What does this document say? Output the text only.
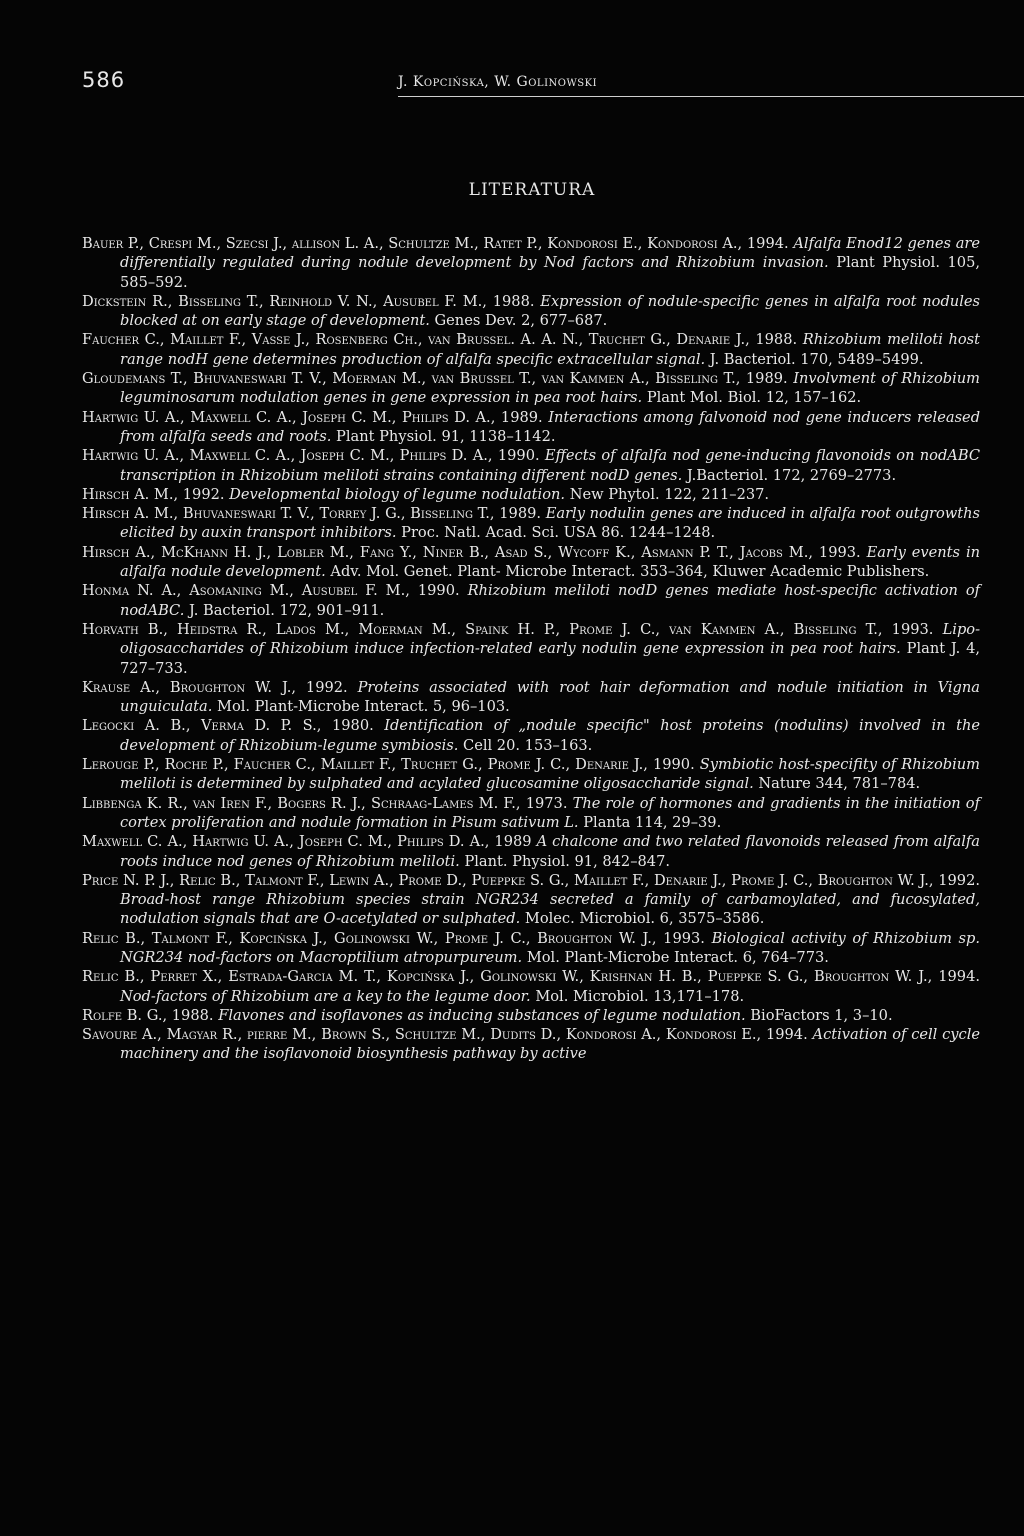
586	J. Kopcińska, W. Golinowski
LITERATURA

Bauer P., Crespi M., Szecsi J., allison L. A., Schultze M., Ratet P., Kondorosi E., Kondorosi A., 1994. Alfalfa Enod12 genes are differentially regulated during nodule development by Nod factors and Rhizobium invasion. Plant Physiol. 105, 585–592.

Dickstein R., Bisseling T., Reinhold V. N., Ausubel F. M., 1988. Expression of nodule-specific genes in alfalfa root nodules blocked at on early stage of development. Genes Dev. 2, 677–687.

Faucher C., Maillet F., Vasse J., Rosenberg Ch., van Brussel. A. A. N., Truchet G., Denarie J., 1988. Rhizobium meliloti host range nodH gene determines production of alfalfa specific extracellular signal. J. Bacteriol. 170, 5489–5499.

Gloudemans T., Bhuvaneswari T. V., Moerman M., van Brussel T., van Kammen A., Bisseling T., 1989. Involvment of Rhizobium leguminosarum nodulation genes in gene expression in pea root hairs. Plant Mol. Biol. 12, 157–162.

Hartwig U. A., Maxwell C. A., Joseph C. M., Philips D. A., 1989. Interactions among falvonoid nod gene inducers released from alfalfa seeds and roots. Plant Physiol. 91, 1138–1142.

Hartwig U. A., Maxwell C. A., Joseph C. M., Philips D. A., 1990. Effects of alfalfa nod gene-inducing flavonoids on nodABC transcription in Rhizobium meliloti strains containing different nodD genes. J.Bacteriol. 172, 2769–2773.

Hirsch A. M., 1992. Developmental biology of legume nodulation. New Phytol. 122, 211–237.

Hirsch A. M., Bhuvaneswari T. V., Torrey J. G., Bisseling T., 1989. Early nodulin genes are induced in alfalfa root outgrowths elicited by auxin transport inhibitors. Proc. Natl. Acad. Sci. USA 86. 1244–1248.

Hirsch A., McKhann H. J., Lobler M., Fang Y., Niner B., Asad S., Wycoff K., Asmann P. T., Jacobs M., 1993. Early events in alfalfa nodule development. Adv. Mol. Genet. Plant- Microbe Interact. 353–364, Kluwer Academic Publishers.

Honma N. A., Asomaning M., Ausubel F. M., 1990. Rhizobium meliloti nodD genes mediate host-specific activation of nodABC. J. Bacteriol. 172, 901–911.

Horvath B., Heidstra R., Lados M., Moerman M., Spaink H. P., Prome J. C., van Kammen A., Bisseling T., 1993. Lipo-oligosaccharides of Rhizobium induce infection-related early nodulin gene expression in pea root hairs. Plant J. 4, 727–733.

Krause A., Broughton W. J., 1992. Proteins associated with root hair deformation and nodule initiation in Vigna unguiculata. Mol. Plant-Microbe Interact. 5, 96–103.

Legocki A. B., Verma D. P. S., 1980. Identification of „nodule specific" host proteins (nodulins) involved in the development of Rhizobium-legume symbiosis. Cell 20. 153–163.

Lerouge P., Roche P., Faucher C., Maillet F., Truchet G., Prome J. C., Denarie J., 1990. Symbiotic host-specifity of Rhizobium meliloti is determined by sulphated and acylated glucosamine oligosaccharide signal. Nature 344, 781–784.

Libbenga K. R., van Iren F., Bogers R. J., Schraag-Lames M. F., 1973. The role of hormones and gradients in the initiation of cortex proliferation and nodule formation in Pisum sativum L. Planta 114, 29–39.

Maxwell C. A., Hartwig U. A., Joseph C. M., Philips D. A., 1989 A chalcone and two related flavonoids released from alfalfa roots induce nod genes of Rhizobium meliloti. Plant. Physiol. 91, 842–847.

Price N. P. J., Relic B., Talmont F., Lewin A., Prome D., Pueppke S. G., Maillet F., Denarie J., Prome J. C., Broughton W. J., 1992. Broad-host range Rhizobium species strain NGR234 secreted a family of carbamoylated, and fucosylated, nodulation signals that are O-acetylated or sulphated. Molec. Microbiol. 6, 3575–3586.

Relic B., Talmont F., Kopcińska J., Golinowski W., Prome J. C., Broughton W. J., 1993. Biological activity of Rhizobium sp. NGR234 nod-factors on Macroptilium atropurpureum. Mol. Plant-Microbe Interact. 6, 764–773.

Relic B., Perret X., Estrada-Garcia M. T., Kopcińska J., Golinowski W., Krishnan H. B., Pueppke S. G., Broughton W. J., 1994. Nod-factors of Rhizobium are a key to the legume door. Mol. Microbiol. 13,171–178.

Rolfe B. G., 1988. Flavones and isoflavones as inducing substances of legume nodulation. BioFactors 1, 3–10.

Savoure A., Magyar R., pierre M., Brown S., Schultze M., Dudits D., Kondorosi A., Kondorosi E., 1994. Activation of cell cycle machinery and the isoflavonoid biosynthesis pathway by active
